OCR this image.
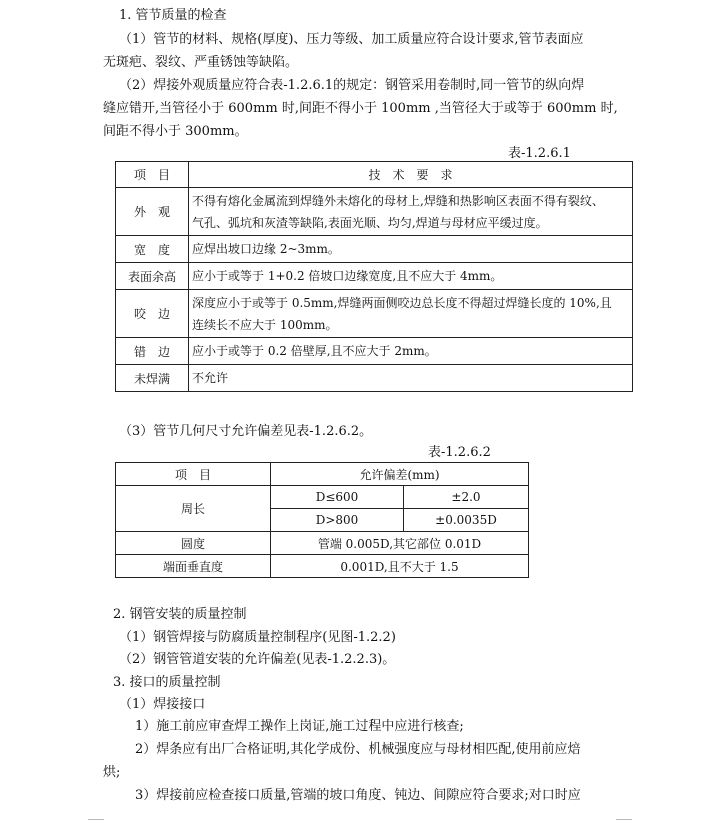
1. 管节质量的检查
（1）管节的材料、规格(厚度)、压力等级、加工质量应符合设计要求,管节表面应
无斑疤、裂纹、严重锈蚀等缺陷。
（2）焊接外观质量应符合表-1.2.6.1的规定：钢管采用卷制时,同一管节的纵向焊
缝应错开,当管径小于 600mm 时,间距不得小于 100mm ,当管径大于或等于 600mm 时,
间距不得小于 300mm。
表-1.2.6.1
项　目	技　术　要　求
外　观	不得有熔化金属流到焊缝外未熔化的母材上,焊缝和热影响区表面不得有裂纹、
气孔、弧坑和灰渣等缺陷,表面光顺、均匀,焊道与母材应平缓过度。

宽　度	应焊出坡口边缘 2~3mm。
表面余高	应小于或等于 1+0.2 倍坡口边缘宽度,且不应大于 4mm。
咬　边	深度应小于或等于 0.5mm,焊缝两面侧咬边总长度不得超过焊缝长度的 10%,且
连续长不应大于 100mm。

错　边	应小于或等于 0.2 倍壁厚,且不应大于 2mm。
未焊满	不允许
（3）管节几何尺寸允许偏差见表-1.2.6.2。
表-1.2.6.2
项　目	允许偏差(mm)	
周长	D≤600	±2.0
	D>800	±0.0035D
圆度	管端 0.005D,其它部位 0.01D	
端面垂直度	0.001D,且不大于 1.5	
2. 钢管安装的质量控制
（1）钢管焊接与防腐质量控制程序(见图-1.2.2)
（2）钢管管道安装的允许偏差(见表-1.2.2.3)。
3. 接口的质量控制
（1）焊接接口
1）施工前应审查焊工操作上岗证,施工过程中应进行核查;
2）焊条应有出厂合格证明,其化学成份、机械强度应与母材相匹配,使用前应焙
烘;
3）焊接前应检查接口质量,管端的坡口角度、钝边、间隙应符合要求;对口时应
